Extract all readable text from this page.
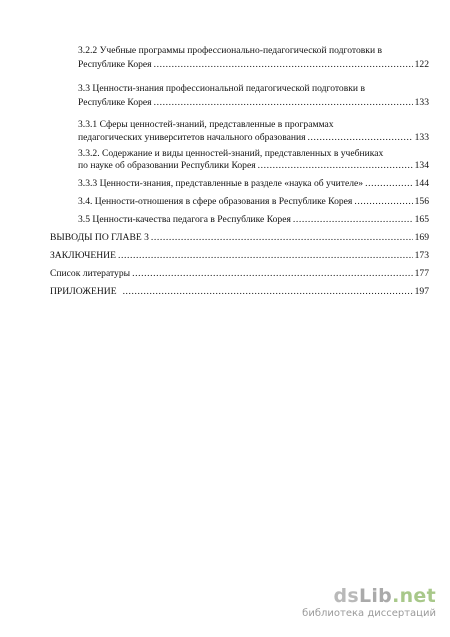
3.2.2 Учебные программы профессионально-педагогической подготовки в
Республике Корея .....	122
3.3 Ценности-знания профессиональной педагогической подготовки в
Республике Корея .....	133
3.3.1 Сферы ценностей-знаний, представленные в программах
педагогических университетов начального образования .....	133
3.3.2. Содержание и виды ценностей-знаний, представленных в учебниках
по науке об образовании Республики Корея .....	134
3.3.3 Ценности-знания, представленные в разделе «наука об учителе» .....	144
3.4. Ценности-отношения в сфере образования в Республике Корея .....	156
3.5 Ценности-качества педагога в Республике Корея .....	165
ВЫВОДЫ ПО ГЛАВЕ 3 .....	169
ЗАКЛЮЧЕНИЕ .....	173
Список литературы .....	177
ПРИЛОЖЕНИЕ .....	197
dsLib.net
библиотека диссертаций
